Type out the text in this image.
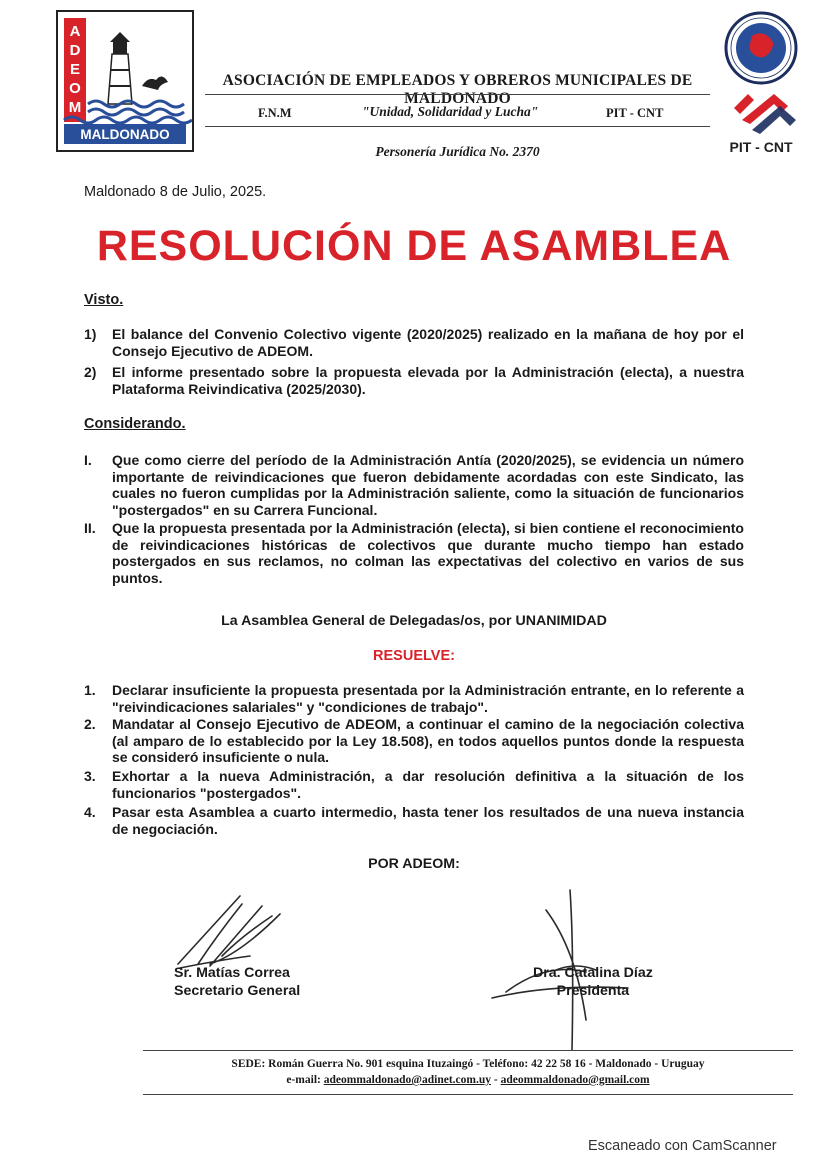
A
D
E
O
M
MALDONADO
ASOCIACIÓN DE EMPLEADOS Y OBREROS MUNICIPALES DE MALDONADO
F.N.M	"Unidad, Solidaridad y Lucha"	PIT - CNT
Personería Jurídica No. 2370	PIT - CNT
Maldonado 8 de Julio, 2025.
RESOLUCIÓN DE ASAMBLEA
Visto.
1) El balance del Convenio Colectivo vigente (2020/2025) realizado en la mañana de hoy por el Consejo Ejecutivo de ADEOM.
2) El informe presentado sobre la propuesta elevada por la Administración (electa), a nuestra Plataforma Reivindicativa (2025/2030).
Considerando.
I. Que como cierre del período de la Administración Antía (2020/2025), se evidencia un número importante de reivindicaciones que fueron debidamente acordadas con este Sindicato, las cuales no fueron cumplidas por la Administración saliente, como la situación de funcionarios "postergados" en su Carrera Funcional.
II. Que la propuesta presentada por la Administración (electa), si bien contiene el reconocimiento de reivindicaciones históricas de colectivos que durante mucho tiempo han estado postergados en sus reclamos, no colman las expectativas del colectivo en varios de sus puntos.
La Asamblea General de Delegadas/os, por UNANIMIDAD
RESUELVE:
1. Declarar insuficiente la propuesta presentada por la Administración entrante, en lo referente a "reivindicaciones salariales" y "condiciones de trabajo".
2. Mandatar al Consejo Ejecutivo de ADEOM, a continuar el camino de la negociación colectiva (al amparo de lo establecido por la Ley 18.508), en todos aquellos puntos donde la respuesta se consideró insuficiente o nula.
3. Exhortar a la nueva Administración, a dar resolución definitiva a la situación de los funcionarios "postergados".
4. Pasar esta Asamblea a cuarto intermedio, hasta tener los resultados de una nueva instancia de negociación.
POR ADEOM:
Sr. Matías Correa
Secretario General
Dra. Catalina Díaz
Presidenta
SEDE: Román Guerra No. 901 esquina Ituzaingó - Teléfono: 42 22 58 16 - Maldonado - Uruguay
e-mail: adeommaldonado@adinet.com.uy - adeommaldonado@gmail.com
Escaneado con CamScanner
